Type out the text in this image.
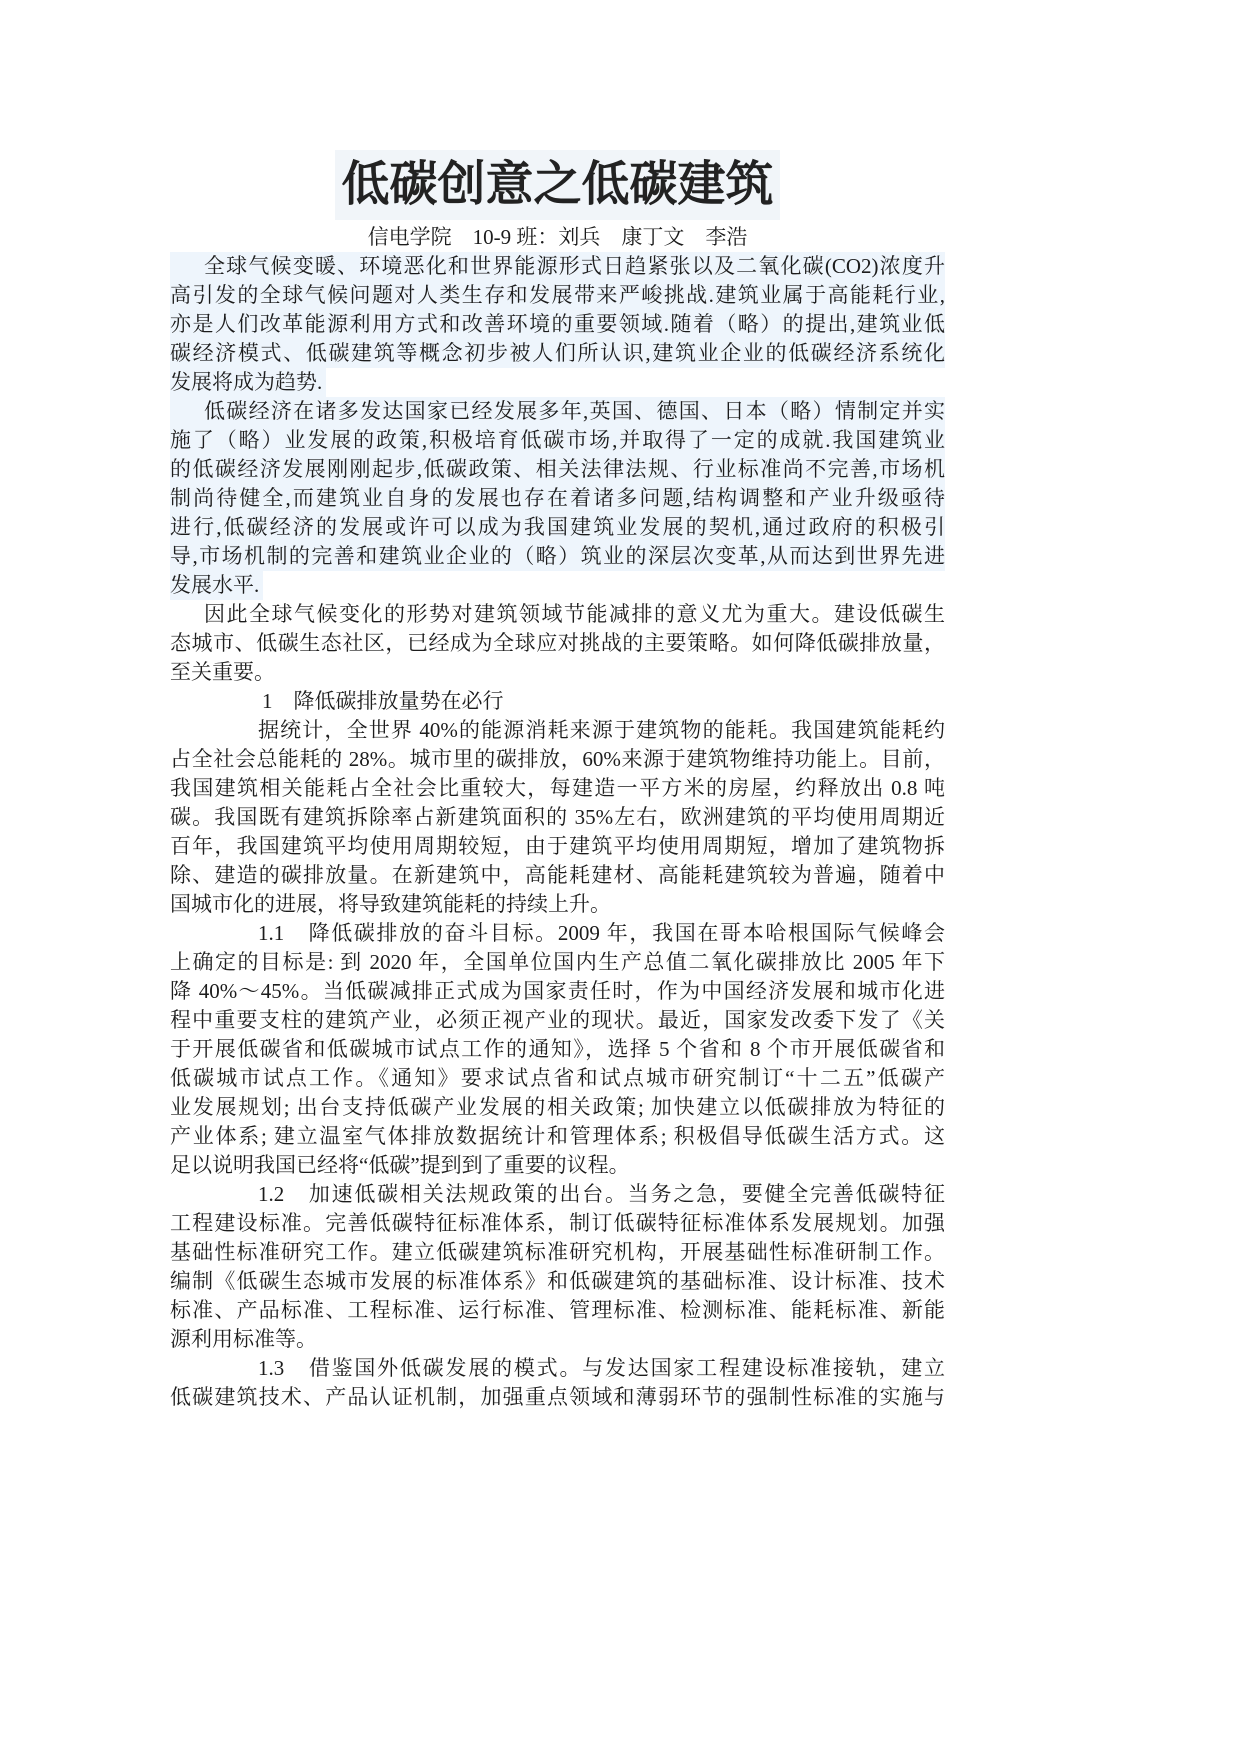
低碳创意之低碳建筑
信电学院　10-9 班：刘兵　康丁文　李浩
全球气候变暖、环境恶化和世界能源形式日趋紧张以及二氧化碳(CO2)浓度升
高引发的全球气候问题对人类生存和发展带来严峻挑战.建筑业属于高能耗行业,
亦是人们改革能源利用方式和改善环境的重要领域.随着（略）的提出,建筑业低
碳经济模式、低碳建筑等概念初步被人们所认识,建筑业企业的低碳经济系统化
发展将成为趋势.
低碳经济在诸多发达国家已经发展多年,英国、德国、日本（略）情制定并实
施了（略）业发展的政策,积极培育低碳市场,并取得了一定的成就.我国建筑业
的低碳经济发展刚刚起步,低碳政策、相关法律法规、行业标准尚不完善,市场机
制尚待健全,而建筑业自身的发展也存在着诸多问题,结构调整和产业升级亟待
进行,低碳经济的发展或许可以成为我国建筑业发展的契机,通过政府的积极引
导,市场机制的完善和建筑业企业的（略）筑业的深层次变革,从而达到世界先进
发展水平.
因此全球气候变化的形势对建筑领域节能减排的意义尤为重大。建设低碳生
态城市、低碳生态社区，已经成为全球应对挑战的主要策略。如何降低碳排放量，
至关重要。
1　降低碳排放量势在必行
据统计，全世界 40%的能源消耗来源于建筑物的能耗。我国建筑能耗约
占全社会总能耗的 28%。城市里的碳排放，60%来源于建筑物维持功能上。目前，
我国建筑相关能耗占全社会比重较大，每建造一平方米的房屋，约释放出 0.8 吨
碳。我国既有建筑拆除率占新建筑面积的 35%左右，欧洲建筑的平均使用周期近
百年，我国建筑平均使用周期较短，由于建筑平均使用周期短，增加了建筑物拆
除、建造的碳排放量。在新建筑中，高能耗建材、高能耗建筑较为普遍，随着中
国城市化的进展，将导致建筑能耗的持续上升。
1.1　降低碳排放的奋斗目标。2009 年，我国在哥本哈根国际气候峰会
上确定的目标是: 到 2020 年，全国单位国内生产总值二氧化碳排放比 2005 年下
降 40%～45%。当低碳减排正式成为国家责任时，作为中国经济发展和城市化进
程中重要支柱的建筑产业，必须正视产业的现状。最近，国家发改委下发了《关
于开展低碳省和低碳城市试点工作的通知》，选择 5 个省和 8 个市开展低碳省和
低碳城市试点工作。《通知》要求试点省和试点城市研究制订“十二五”低碳产
业发展规划; 出台支持低碳产业发展的相关政策; 加快建立以低碳排放为特征的
产业体系; 建立温室气体排放数据统计和管理体系; 积极倡导低碳生活方式。这
足以说明我国已经将“低碳”提到到了重要的议程。
1.2　加速低碳相关法规政策的出台。当务之急，要健全完善低碳特征
工程建设标准。完善低碳特征标准体系，制订低碳特征标准体系发展规划。加强
基础性标准研究工作。建立低碳建筑标准研究机构，开展基础性标准研制工作。
编制《低碳生态城市发展的标准体系》和低碳建筑的基础标准、设计标准、技术
标准、产品标准、工程标准、运行标准、管理标准、检测标准、能耗标准、新能
源利用标准等。
1.3　借鉴国外低碳发展的模式。与发达国家工程建设标准接轨，建立
低碳建筑技术、产品认证机制，加强重点领域和薄弱环节的强制性标准的实施与
